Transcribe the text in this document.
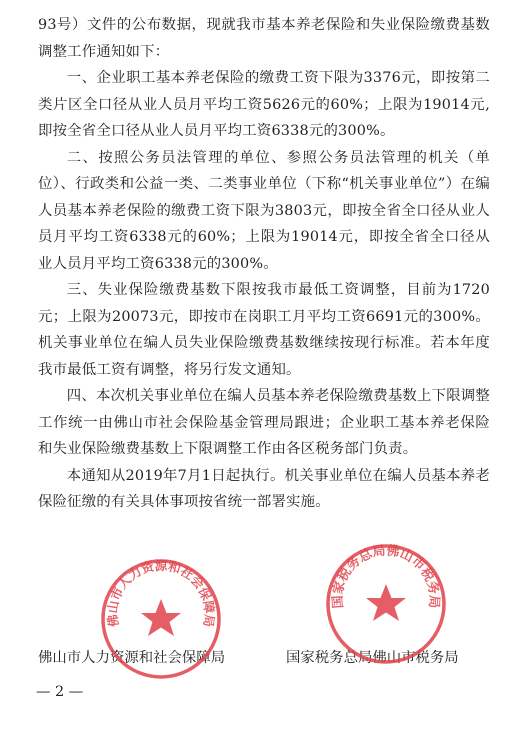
93号）文件的公布数据，现就我市基本养老保险和失业保险缴费基数调整工作通知如下：

一、企业职工基本养老保险的缴费工资下限为3376元，即按第二类片区全口径从业人员月平均工资5626元的60%；上限为19014元,即按全省全口径从业人员月平均工资6338元的300%。

二、按照公务员法管理的单位、参照公务员法管理的机关（单位）、行政类和公益一类、二类事业单位（下称“机关事业单位”）在编人员基本养老保险的缴费工资下限为3803元，即按全省全口径从业人员月平均工资6338元的60%；上限为19014元，即按全省全口径从业人员月平均工资6338元的300%。

三、失业保险缴费基数下限按我市最低工资调整，目前为1720元；上限为20073元，即按市在岗职工月平均工资6691元的300%。机关事业单位在编人员失业保险缴费基数继续按现行标准。若本年度我市最低工资有调整，将另行发文通知。

四、本次机关事业单位在编人员基本养老保险缴费基数上下限调整工作统一由佛山市社会保险基金管理局跟进；企业职工基本养老保险和失业保险缴费基数上下限调整工作由各区税务部门负责。

本通知从2019年7月1日起执行。机关事业单位在编人员基本养老保险征缴的有关具体事项按省统一部署实施。

佛山市人力资源和社会保障局	国家税务总局佛山市税务局
佛山市人力资源和社会保障局
国家税务总局佛山市税务局
— 2 —
